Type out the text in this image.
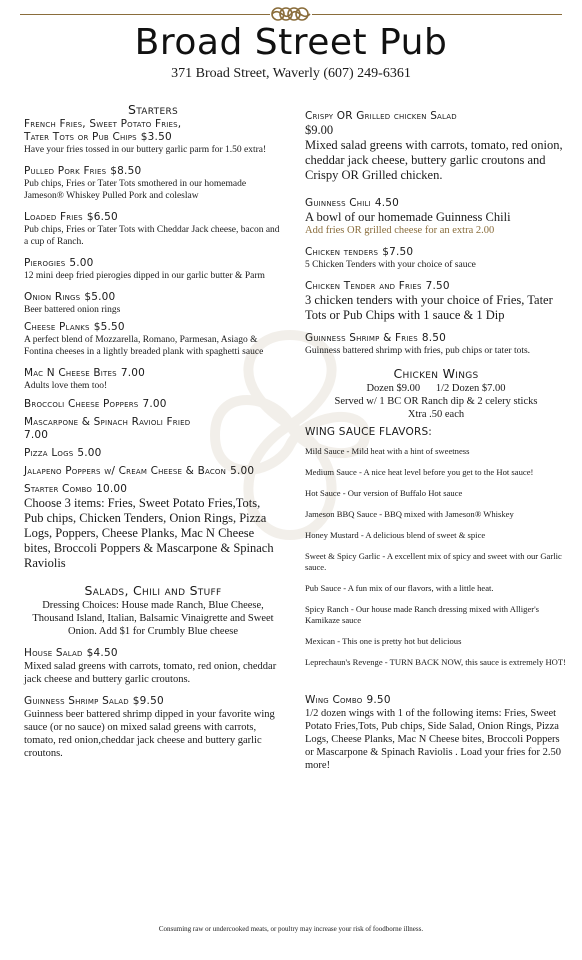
Broad Street Pub
371 Broad Street, Waverly (607) 249-6361
Starters
French Fries, Sweet Potato Fries,
Tater Tots or Pub Chips $3.50
Have your fries tossed in our buttery garlic parm for 1.50 extra!
Pulled Pork Fries $8.50
Pub chips, Fries or Tater Tots smothered in our homemade Jameson® Whiskey Pulled Pork and coleslaw
Loaded Fries $6.50
Pub chips, Fries or Tater Tots with Cheddar Jack cheese, bacon and a cup of Ranch.
Pierogies 5.00
12 mini deep fried pierogies dipped in our garlic butter & Parm
Onion Rings $5.00
Beer battered onion rings
Cheese Planks $5.50
A perfect blend of Mozzarella, Romano, Parmesan, Asiago & Fontina cheeses in a lightly breaded plank with spaghetti sauce
Mac N Cheese Bites 7.00
Adults love them too!
Broccoli Cheese Poppers 7.00
Mascarpone & Spinach Ravioli Fried
7.00
Pizza Logs 5.00
Jalapeno Poppers w/ Cream Cheese & Bacon 5.00
Starter Combo 10.00
Choose 3 items: Fries, Sweet Potato Fries,Tots, Pub chips, Chicken Tenders, Onion Rings, Pizza Logs, Poppers, Cheese Planks, Mac N Cheese bites, Broccoli Poppers & Mascarpone & Spinach Raviolis
Salads, Chili and Stuff
Dressing Choices: House made Ranch, Blue Cheese, Thousand Island, Italian, Balsamic Vinaigrette and Sweet Onion. Add $1 for Crumbly Blue cheese
House Salad $4.50
Mixed salad greens with carrots, tomato, red onion, cheddar jack cheese and buttery garlic croutons.
Guinness Shrimp Salad $9.50
Guinness beer battered shrimp dipped in your favorite wing sauce (or no sauce) on mixed salad greens with carrots, tomato, red onion,cheddar jack cheese and buttery garlic croutons.
Crispy OR Grilled chicken Salad
$9.00
Mixed salad greens with carrots, tomato, red onion, cheddar jack cheese, buttery garlic croutons and Crispy OR Grilled chicken.
Guinness Chili 4.50
A bowl of our homemade Guinness Chili
Add fries OR grilled cheese for an extra 2.00
Chicken tenders $7.50
5 Chicken Tenders with your choice of sauce
Chicken Tender and Fries 7.50
3 chicken tenders with your choice of Fries, Tater Tots or Pub Chips with 1 sauce & 1 Dip
Guinness Shrimp & Fries 8.50
Guinness battered shrimp with fries, pub chips or tater tots.
Chicken Wings
Dozen $9.00      1/2 Dozen $7.00
Served w/ 1 BC OR Ranch dip & 2 celery sticks
Xtra .50 each
WING SAUCE FLAVORS:
Mild Sauce - Mild heat with a hint of sweetness
Medium Sauce - A nice heat level before you get to the Hot sauce!
Hot Sauce - Our version of Buffalo Hot sauce
Jameson BBQ Sauce - BBQ mixed with Jameson® Whiskey
Honey Mustard - A delicious blend of sweet & spice
Sweet & Spicy Garlic - A excellent mix of spicy and sweet with our Garlic sauce.
Pub Sauce - A fun mix of our flavors, with a little heat.
Spicy Ranch - Our house made Ranch dressing mixed with Alliger's Kamikaze sauce
Mexican - This one is pretty hot but delicious
Leprechaun's Revenge - TURN BACK NOW, this sauce is extremely HOT!
Wing Combo 9.50
1/2 dozen wings with 1 of the following items: Fries, Sweet Potato Fries,Tots, Pub chips, Side Salad, Onion Rings, Pizza Logs, Cheese Planks, Mac N Cheese bites, Broccoli Poppers or Mascarpone & Spinach Raviolis . Load your fries for 2.50 more!
Consuming raw or undercooked meats, or poultry may increase your risk of foodborne illness.
